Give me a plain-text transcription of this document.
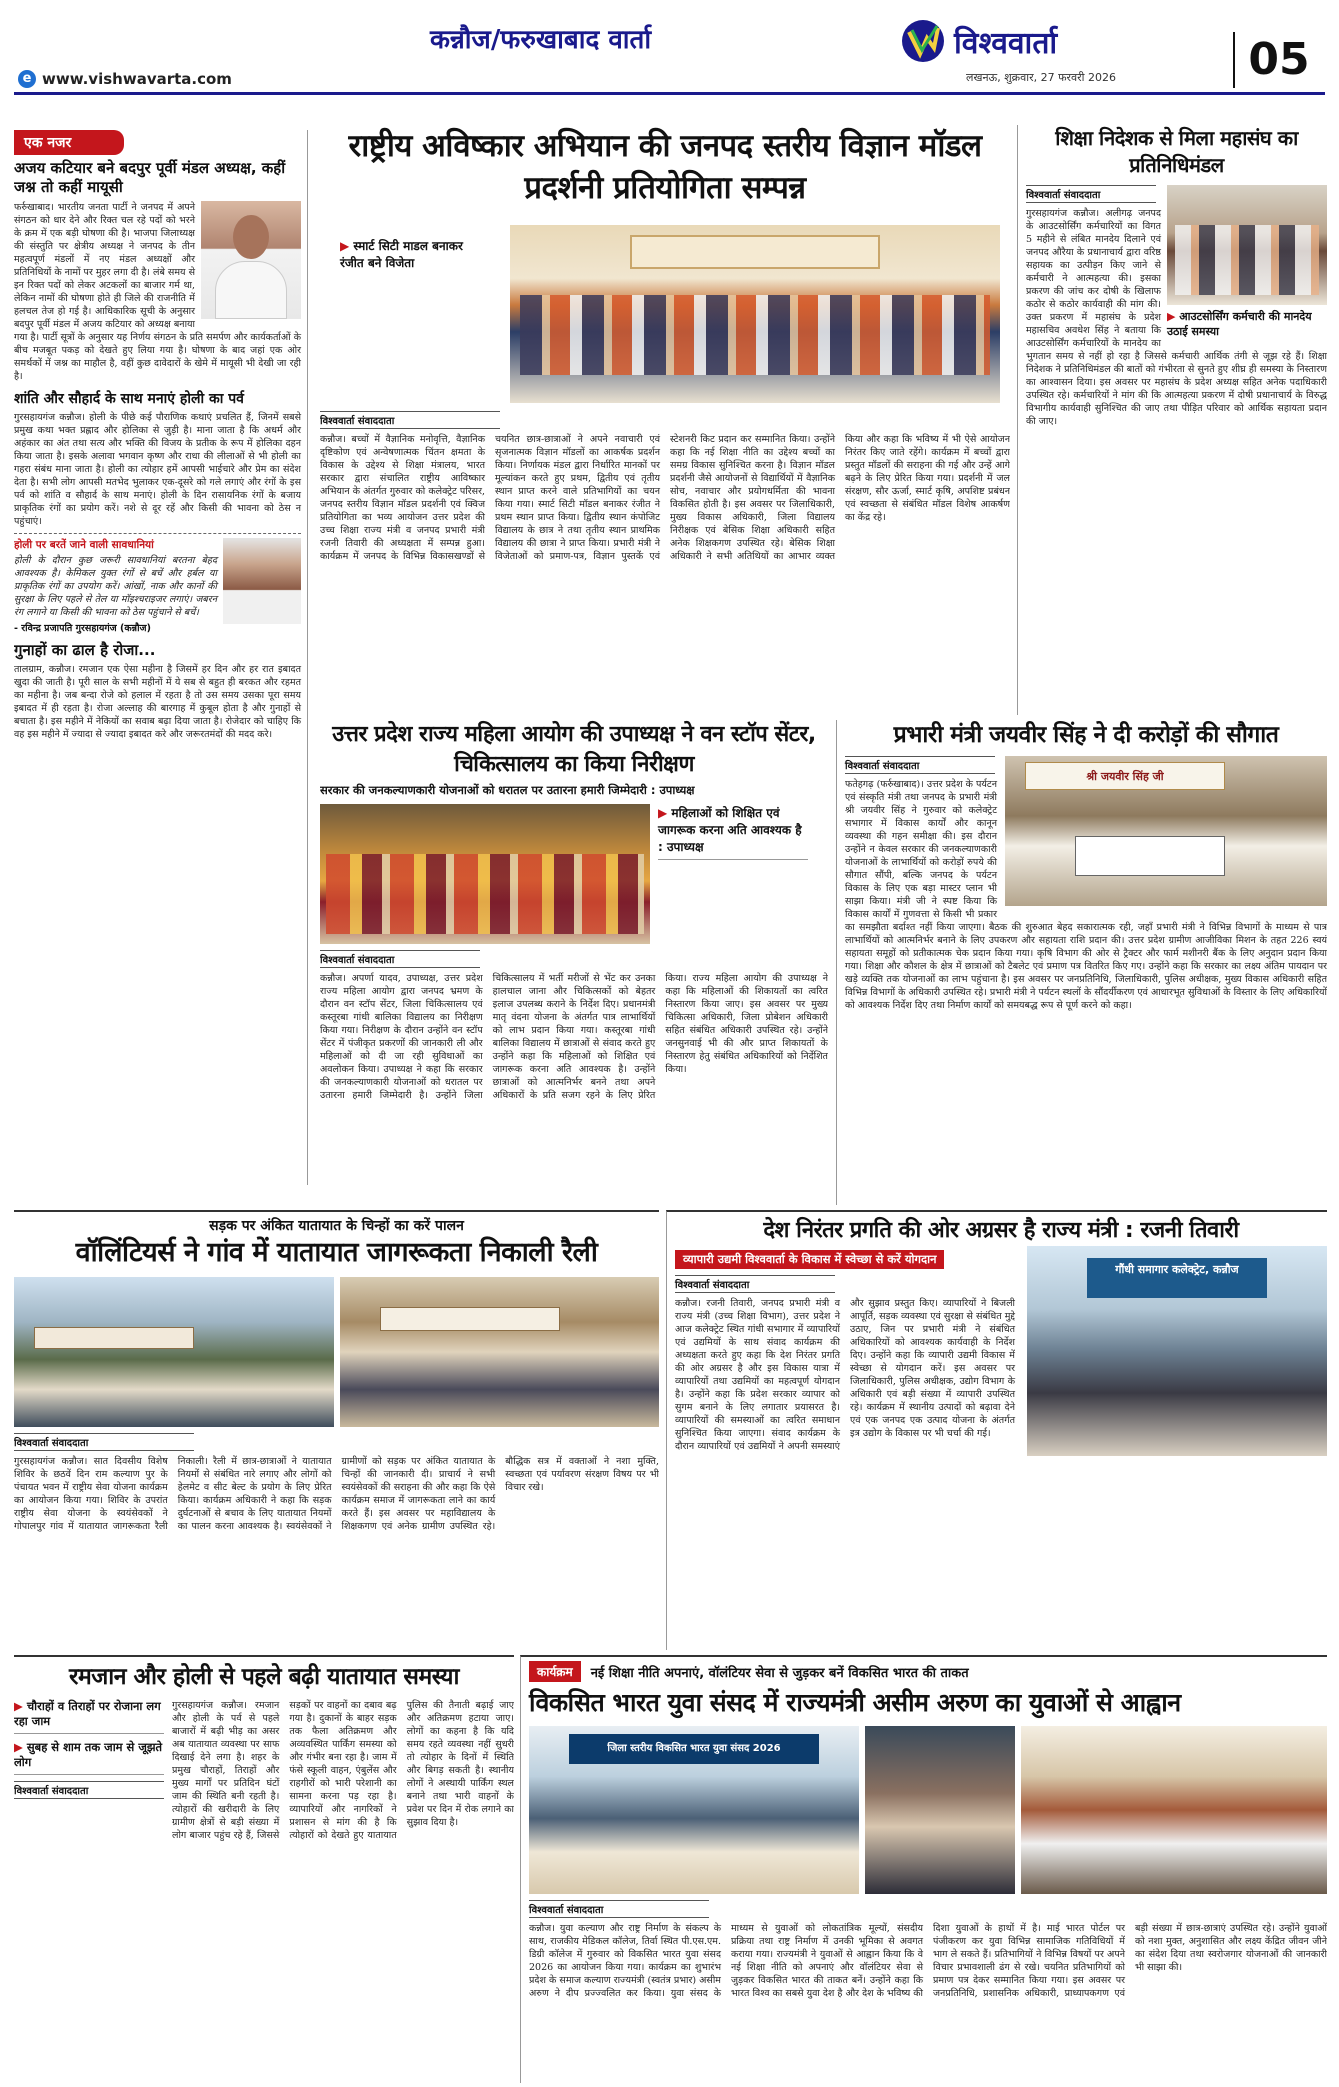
कन्नौज/फरुखाबाद वार्ता
e www.vishwavarta.com
विश्ववार्ता
लखनऊ, शुक्रवार, 27 फरवरी 2026	05
एक नजर
अजय कटियार बने बदपुर पूर्वी मंडल अध्यक्ष, कहीं जश्न तो कहीं मायूसी
फर्रुखाबाद। भारतीय जनता पार्टी ने जनपद में अपने संगठन को धार देने और रिक्त चल रहे पदों को भरने के क्रम में एक बड़ी घोषणा की है। भाजपा जिलाध्यक्ष की संस्तुति पर क्षेत्रीय अध्यक्ष ने जनपद के तीन महत्वपूर्ण मंडलों में नए मंडल अध्यक्षों और प्रतिनिधियों के नामों पर मुहर लगा दी है। लंबे समय से इन रिक्त पदों को लेकर अटकलों का बाजार गर्म था, लेकिन नामों की घोषणा होते ही जिले की राजनीति में हलचल तेज हो गई है। आधिकारिक सूची के अनुसार बदपुर पूर्वी मंडल में अजय कटियार को अध्यक्ष बनाया गया है। पार्टी सूत्रों के अनुसार यह निर्णय संगठन के प्रति समर्पण और कार्यकर्ताओं के बीच मजबूत पकड़ को देखते हुए लिया गया है। घोषणा के बाद जहां एक ओर समर्थकों में जश्न का माहौल है, वहीं कुछ दावेदारों के खेमे में मायूसी भी देखी जा रही है।
शांति और सौहार्द के साथ मनाएं होली का पर्व
गुरसहायगंज कन्नौज। होली के पीछे कई पौराणिक कथाएं प्रचलित हैं, जिनमें सबसे प्रमुख कथा भक्त प्रह्लाद और होलिका से जुड़ी है। माना जाता है कि अधर्म और अहंकार का अंत तथा सत्य और भक्ति की विजय के प्रतीक के रूप में होलिका दहन किया जाता है। इसके अलावा भगवान कृष्ण और राधा की लीलाओं से भी होली का गहरा संबंध माना जाता है। होली का त्योहार हमें आपसी भाईचारे और प्रेम का संदेश देता है। सभी लोग आपसी मतभेद भुलाकर एक-दूसरे को गले लगाएं और रंगों के इस पर्व को शांति व सौहार्द के साथ मनाएं। होली के दिन रासायनिक रंगों के बजाय प्राकृतिक रंगों का प्रयोग करें। नशे से दूर रहें और किसी की भावना को ठेस न पहुंचाएं।
होली पर बरतें जाने वाली सावधानियां
होली के दौरान कुछ जरूरी सावधानियां बरतना बेहद आवश्यक है। केमिकल युक्त रंगों से बचें और हर्बल या प्राकृतिक रंगों का उपयोग करें। आंखों, नाक और कानों की सुरक्षा के लिए पहले से तेल या मॉइश्चराइजर लगाएं। जबरन रंग लगाने या किसी की भावना को ठेस पहुंचाने से बचें।
- रविन्द्र प्रजापति गुरसहायगंज (कन्नौज)
गुनाहों का ढाल है रोजा...
तालग्राम, कन्नौज। रमजान एक ऐसा महीना है जिसमें हर दिन और हर रात इबादत खुदा की जाती है। पूरी साल के सभी महीनों में ये सब से बहुत ही बरकत और रहमत का महीना है। जब बन्दा रोजे को हलाल में रहता है तो उस समय उसका पूरा समय इबादत में ही रहता है। रोजा अल्लाह की बारगाह में कुबूल होता है और गुनाहों से बचाता है। इस महीने में नेकियों का सवाब बढ़ा दिया जाता है। रोजेदार को चाहिए कि वह इस महीने में ज्यादा से ज्यादा इबादत करे और जरूरतमंदों की मदद करे।
राष्ट्रीय अविष्कार अभियान की जनपद स्तरीय विज्ञान मॉडल प्रदर्शनी प्रतियोगिता सम्पन्न
▶ स्मार्ट सिटी माडल बनाकर रंजीत बने विजेता
विश्ववार्ता संवाददाता
कन्नौज। बच्चों में वैज्ञानिक मनोवृत्ति, वैज्ञानिक दृष्टिकोण एवं अन्वेषणात्मक चिंतन क्षमता के विकास के उद्देश्य से शिक्षा मंत्रालय, भारत सरकार द्वारा संचालित राष्ट्रीय आविष्कार अभियान के अंतर्गत गुरुवार को कलेक्ट्रेट परिसर, जनपद स्तरीय विज्ञान मॉडल प्रदर्शनी एवं क्विज प्रतियोगिता का भव्य आयोजन उत्तर प्रदेश की उच्च शिक्षा राज्य मंत्री व जनपद प्रभारी मंत्री रजनी तिवारी की अध्यक्षता में सम्पन्न हुआ। कार्यक्रम में जनपद के विभिन्न विकासखण्डों से चयनित छात्र-छात्राओं ने अपने नवाचारी एवं सृजनात्मक विज्ञान मॉडलों का आकर्षक प्रदर्शन किया। निर्णायक मंडल द्वारा निर्धारित मानकों पर मूल्यांकन करते हुए प्रथम, द्वितीय एवं तृतीय स्थान प्राप्त करने वाले प्रतिभागियों का चयन किया गया। स्मार्ट सिटी मॉडल बनाकर रंजीत ने प्रथम स्थान प्राप्त किया। द्वितीय स्थान कंपोजिट विद्यालय के छात्र ने तथा तृतीय स्थान प्राथमिक विद्यालय की छात्रा ने प्राप्त किया। प्रभारी मंत्री ने विजेताओं को प्रमाण-पत्र, विज्ञान पुस्तकें एवं स्टेशनरी किट प्रदान कर सम्मानित किया। उन्होंने कहा कि नई शिक्षा नीति का उद्देश्य बच्चों का समग्र विकास सुनिश्चित करना है। विज्ञान मॉडल प्रदर्शनी जैसे आयोजनों से विद्यार्थियों में वैज्ञानिक सोच, नवाचार और प्रयोगधर्मिता की भावना विकसित होती है। इस अवसर पर जिलाधिकारी, मुख्य विकास अधिकारी, जिला विद्यालय निरीक्षक एवं बेसिक शिक्षा अधिकारी सहित अनेक शिक्षकगण उपस्थित रहे। बेसिक शिक्षा अधिकारी ने सभी अतिथियों का आभार व्यक्त किया और कहा कि भविष्य में भी ऐसे आयोजन निरंतर किए जाते रहेंगे। कार्यक्रम में बच्चों द्वारा प्रस्तुत मॉडलों की सराहना की गई और उन्हें आगे बढ़ने के लिए प्रेरित किया गया। प्रदर्शनी में जल संरक्षण, सौर ऊर्जा, स्मार्ट कृषि, अपशिष्ट प्रबंधन एवं स्वच्छता से संबंधित मॉडल विशेष आकर्षण का केंद्र रहे।
शिक्षा निदेशक से मिला महासंघ का प्रतिनिधिमंडल
विश्ववार्ता संवाददाता
▶ आउटसोर्सिंग कर्मचारी की मानदेय उठाई समस्या
गुरसहायगंज कन्नौज। अलीगढ़ जनपद के आउटसोर्सिंग कर्मचारियों का विगत 5 महीने से लंबित मानदेय दिलाने एवं जनपद औरैया के प्रधानाचार्य द्वारा वरिष्ठ सहायक का उत्पीड़न किए जाने से कर्मचारी ने आत्महत्या की। इसका प्रकरण की जांच कर दोषी के खिलाफ कठोर से कठोर कार्यवाही की मांग की। उक्त प्रकरण में महासंघ के प्रदेश महासचिव अवधेश सिंह ने बताया कि आउटसोर्सिंग कर्मचारियों के मानदेय का भुगतान समय से नहीं हो रहा है जिससे कर्मचारी आर्थिक तंगी से जूझ रहे हैं। शिक्षा निदेशक ने प्रतिनिधिमंडल की बातों को गंभीरता से सुनते हुए शीघ्र ही समस्या के निस्तारण का आश्वासन दिया। इस अवसर पर महासंघ के प्रदेश अध्यक्ष सहित अनेक पदाधिकारी उपस्थित रहे। कर्मचारियों ने मांग की कि आत्महत्या प्रकरण में दोषी प्रधानाचार्य के विरुद्ध विभागीय कार्यवाही सुनिश्चित की जाए तथा पीड़ित परिवार को आर्थिक सहायता प्रदान की जाए।
उत्तर प्रदेश राज्य महिला आयोग की उपाध्यक्ष ने वन स्टॉप सेंटर, चिकित्सालय का किया निरीक्षण
सरकार की जनकल्याणकारी योजनाओं को धरातल पर उतारना हमारी जिम्मेदारी : उपाध्यक्ष
▶ महिलाओं को शिक्षित एवं जागरूक करना अति आवश्यक है : उपाध्यक्ष
विश्ववार्ता संवाददाता
कन्नौज। अपर्णा यादव, उपाध्यक्ष, उत्तर प्रदेश राज्य महिला आयोग द्वारा जनपद भ्रमण के दौरान वन स्टॉप सेंटर, जिला चिकित्सालय एवं कस्तूरबा गांधी बालिका विद्यालय का निरीक्षण किया गया। निरीक्षण के दौरान उन्होंने वन स्टॉप सेंटर में पंजीकृत प्रकरणों की जानकारी ली और महिलाओं को दी जा रही सुविधाओं का अवलोकन किया। उपाध्यक्ष ने कहा कि सरकार की जनकल्याणकारी योजनाओं को धरातल पर उतारना हमारी जिम्मेदारी है। उन्होंने जिला चिकित्सालय में भर्ती मरीजों से भेंट कर उनका हालचाल जाना और चिकित्सकों को बेहतर इलाज उपलब्ध कराने के निर्देश दिए। प्रधानमंत्री मातृ वंदना योजना के अंतर्गत पात्र लाभार्थियों को लाभ प्रदान किया गया। कस्तूरबा गांधी बालिका विद्यालय में छात्राओं से संवाद करते हुए उन्होंने कहा कि महिलाओं को शिक्षित एवं जागरूक करना अति आवश्यक है। उन्होंने छात्राओं को आत्मनिर्भर बनने तथा अपने अधिकारों के प्रति सजग रहने के लिए प्रेरित किया। राज्य महिला आयोग की उपाध्यक्ष ने कहा कि महिलाओं की शिकायतों का त्वरित निस्तारण किया जाए। इस अवसर पर मुख्य चिकित्सा अधिकारी, जिला प्रोबेशन अधिकारी सहित संबंधित अधिकारी उपस्थित रहे। उन्होंने जनसुनवाई भी की और प्राप्त शिकायतों के निस्तारण हेतु संबंधित अधिकारियों को निर्देशित किया।
प्रभारी मंत्री जयवीर सिंह ने दी करोड़ों की सौगात
विश्ववार्ता संवाददाता
श्री जयवीर सिंह जी
फतेहगढ़ (फर्रुखाबाद)। उत्तर प्रदेश के पर्यटन एवं संस्कृति मंत्री तथा जनपद के प्रभारी मंत्री श्री जयवीर सिंह ने गुरुवार को कलेक्ट्रेट सभागार में विकास कार्यों और कानून व्यवस्था की गहन समीक्षा की। इस दौरान उन्होंने न केवल सरकार की जनकल्याणकारी योजनाओं के लाभार्थियों को करोड़ों रुपये की सौगात सौंपी, बल्कि जनपद के पर्यटन विकास के लिए एक बड़ा मास्टर प्लान भी साझा किया। मंत्री जी ने स्पष्ट किया कि विकास कार्यों में गुणवत्ता से किसी भी प्रकार का समझौता बर्दाश्त नहीं किया जाएगा। बैठक की शुरुआत बेहद सकारात्मक रही, जहाँ प्रभारी मंत्री ने विभिन्न विभागों के माध्यम से पात्र लाभार्थियों को आत्मनिर्भर बनाने के लिए उपकरण और सहायता राशि प्रदान की। उत्तर प्रदेश ग्रामीण आजीविका मिशन के तहत 226 स्वयं सहायता समूहों को प्रतीकात्मक चेक प्रदान किया गया। कृषि विभाग की ओर से ट्रैक्टर और फार्म मशीनरी बैंक के लिए अनुदान प्रदान किया गया। शिक्षा और कौशल के क्षेत्र में छात्राओं को टैबलेट एवं प्रमाण पत्र वितरित किए गए। उन्होंने कहा कि सरकार का लक्ष्य अंतिम पायदान पर खड़े व्यक्ति तक योजनाओं का लाभ पहुंचाना है। इस अवसर पर जनप्रतिनिधि, जिलाधिकारी, पुलिस अधीक्षक, मुख्य विकास अधिकारी सहित विभिन्न विभागों के अधिकारी उपस्थित रहे। प्रभारी मंत्री ने पर्यटन स्थलों के सौंदर्यीकरण एवं आधारभूत सुविधाओं के विस्तार के लिए अधिकारियों को आवश्यक निर्देश दिए तथा निर्माण कार्यों को समयबद्ध रूप से पूर्ण करने को कहा।
सड़क पर अंकित यातायात के चिन्हों का करें पालन
वॉलिंटियर्स ने गांव में यातायात जागरूकता निकाली रैली
विश्ववार्ता संवाददाता
गुरसहायगंज कन्नौज। सात दिवसीय विशेष शिविर के छठवें दिन राम कल्याण पुर के पंचायत भवन में राष्ट्रीय सेवा योजना कार्यक्रम का आयोजन किया गया। शिविर के उपरांत राष्ट्रीय सेवा योजना के स्वयंसेवकों ने गोपालपुर गांव में यातायात जागरूकता रैली निकाली। रैली में छात्र-छात्राओं ने यातायात नियमों से संबंधित नारे लगाए और लोगों को हेलमेट व सीट बेल्ट के प्रयोग के लिए प्रेरित किया। कार्यक्रम अधिकारी ने कहा कि सड़क दुर्घटनाओं से बचाव के लिए यातायात नियमों का पालन करना आवश्यक है। स्वयंसेवकों ने ग्रामीणों को सड़क पर अंकित यातायात के चिन्हों की जानकारी दी। प्राचार्य ने सभी स्वयंसेवकों की सराहना की और कहा कि ऐसे कार्यक्रम समाज में जागरूकता लाने का कार्य करते हैं। इस अवसर पर महाविद्यालय के शिक्षकगण एवं अनेक ग्रामीण उपस्थित रहे। बौद्धिक सत्र में वक्ताओं ने नशा मुक्ति, स्वच्छता एवं पर्यावरण संरक्षण विषय पर भी विचार रखे।
देश निरंतर प्रगति की ओर अग्रसर है राज्य मंत्री : रजनी तिवारी
व्यापारी उद्यमी विश्ववार्ता के विकास में स्वेच्छा से करें योगदान
गौंधी समागार कलेक्ट्रेट, कन्नौज
विश्ववार्ता संवाददाता
कन्नौज। रजनी तिवारी, जनपद प्रभारी मंत्री व राज्य मंत्री (उच्च शिक्षा विभाग), उत्तर प्रदेश ने आज कलेक्ट्रेट स्थित गांधी सभागार में व्यापारियों एवं उद्यमियों के साथ संवाद कार्यक्रम की अध्यक्षता करते हुए कहा कि देश निरंतर प्रगति की ओर अग्रसर है और इस विकास यात्रा में व्यापारियों तथा उद्यमियों का महत्वपूर्ण योगदान है। उन्होंने कहा कि प्रदेश सरकार व्यापार को सुगम बनाने के लिए लगातार प्रयासरत है। व्यापारियों की समस्याओं का त्वरित समाधान सुनिश्चित किया जाएगा। संवाद कार्यक्रम के दौरान व्यापारियों एवं उद्यमियों ने अपनी समस्याएं और सुझाव प्रस्तुत किए। व्यापारियों ने बिजली आपूर्ति, सड़क व्यवस्था एवं सुरक्षा से संबंधित मुद्दे उठाए, जिन पर प्रभारी मंत्री ने संबंधित अधिकारियों को आवश्यक कार्यवाही के निर्देश दिए। उन्होंने कहा कि व्यापारी उद्यमी विकास में स्वेच्छा से योगदान करें। इस अवसर पर जिलाधिकारी, पुलिस अधीक्षक, उद्योग विभाग के अधिकारी एवं बड़ी संख्या में व्यापारी उपस्थित रहे। कार्यक्रम में स्थानीय उत्पादों को बढ़ावा देने एवं एक जनपद एक उत्पाद योजना के अंतर्गत इत्र उद्योग के विकास पर भी चर्चा की गई।
रमजान और होली से पहले बढ़ी यातायात समस्या
▶ चौराहों व तिराहों पर रोजाना लग रहा जाम
▶ सुबह से शाम तक जाम से जूझते लोग
विश्ववार्ता संवाददाता
गुरसहायगंज कन्नौज। रमजान और होली के पर्व से पहले बाजारों में बढ़ी भीड़ का असर अब यातायात व्यवस्था पर साफ दिखाई देने लगा है। शहर के प्रमुख चौराहों, तिराहों और मुख्य मार्गों पर प्रतिदिन घंटों जाम की स्थिति बनी रहती है। त्योहारों की खरीदारी के लिए ग्रामीण क्षेत्रों से बड़ी संख्या में लोग बाजार पहुंच रहे हैं, जिससे सड़कों पर वाहनों का दबाव बढ़ गया है। दुकानों के बाहर सड़क तक फैला अतिक्रमण और अव्यवस्थित पार्किंग समस्या को और गंभीर बना रहा है। जाम में फंसे स्कूली वाहन, एंबुलेंस और राहगीरों को भारी परेशानी का सामना करना पड़ रहा है। व्यापारियों और नागरिकों ने प्रशासन से मांग की है कि त्योहारों को देखते हुए यातायात पुलिस की तैनाती बढ़ाई जाए और अतिक्रमण हटाया जाए। लोगों का कहना है कि यदि समय रहते व्यवस्था नहीं सुधरी तो त्योहार के दिनों में स्थिति और बिगड़ सकती है। स्थानीय लोगों ने अस्थायी पार्किंग स्थल बनाने तथा भारी वाहनों के प्रवेश पर दिन में रोक लगाने का सुझाव दिया है।
कार्यक्रम	नई शिक्षा नीति अपनाएं, वॉलंटियर सेवा से जुड़कर बनें विकसित भारत की ताकत
विकसित भारत युवा संसद में राज्यमंत्री असीम अरुण का युवाओं से आह्वान
जिला स्तरीय विकसित भारत युवा संसद 2026
विश्ववार्ता संवाददाता
कन्नौज। युवा कल्याण और राष्ट्र निर्माण के संकल्प के साथ, राजकीय मेडिकल कॉलेज, तिर्वा स्थित पी.एस.एम. डिग्री कॉलेज में गुरुवार को विकसित भारत युवा संसद 2026 का आयोजन किया गया। कार्यक्रम का शुभारंभ प्रदेश के समाज कल्याण राज्यमंत्री (स्वतंत्र प्रभार) असीम अरुण ने दीप प्रज्ज्वलित कर किया। युवा संसद के माध्यम से युवाओं को लोकतांत्रिक मूल्यों, संसदीय प्रक्रिया तथा राष्ट्र निर्माण में उनकी भूमिका से अवगत कराया गया। राज्यमंत्री ने युवाओं से आह्वान किया कि वे नई शिक्षा नीति को अपनाएं और वॉलंटियर सेवा से जुड़कर विकसित भारत की ताकत बनें। उन्होंने कहा कि भारत विश्व का सबसे युवा देश है और देश के भविष्य की दिशा युवाओं के हाथों में है। माई भारत पोर्टल पर पंजीकरण कर युवा विभिन्न सामाजिक गतिविधियों में भाग ले सकते हैं। प्रतिभागियों ने विभिन्न विषयों पर अपने विचार प्रभावशाली ढंग से रखे। चयनित प्रतिभागियों को प्रमाण पत्र देकर सम्मानित किया गया। इस अवसर पर जनप्रतिनिधि, प्रशासनिक अधिकारी, प्राध्यापकगण एवं बड़ी संख्या में छात्र-छात्राएं उपस्थित रहे। उन्होंने युवाओं को नशा मुक्त, अनुशासित और लक्ष्य केंद्रित जीवन जीने का संदेश दिया तथा स्वरोजगार योजनाओं की जानकारी भी साझा की।
